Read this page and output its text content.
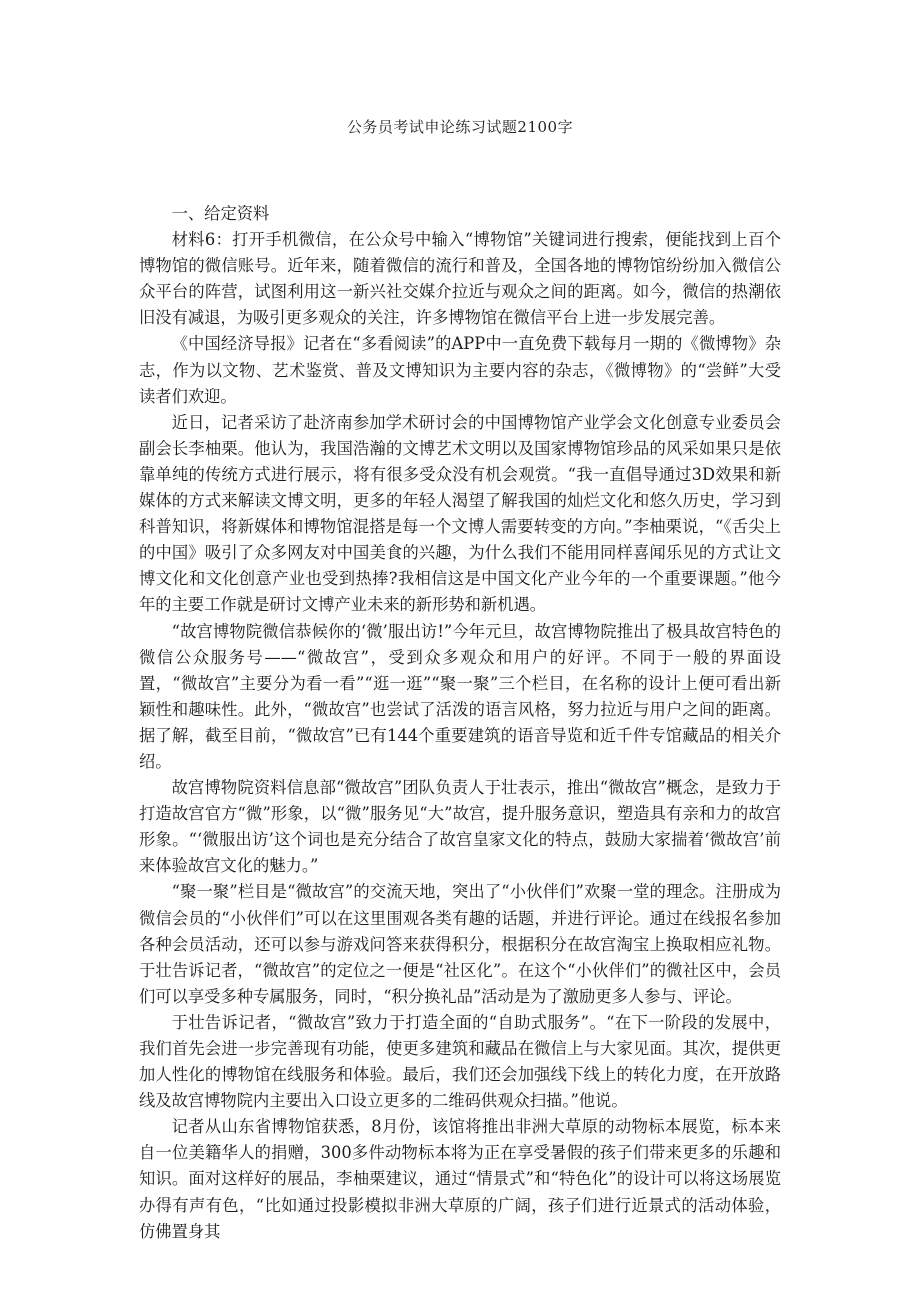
公务员考试申论练习试题2100字

一、给定资料

材料6：打开手机微信，在公众号中输入“博物馆”关键词进行搜索，便能找到上百个博物馆的微信账号。近年来，随着微信的流行和普及，全国各地的博物馆纷纷加入微信公众平台的阵营，试图利用这一新兴社交媒介拉近与观众之间的距离。如今，微信的热潮依旧没有减退，为吸引更多观众的关注，许多博物馆在微信平台上进一步发展完善。

《中国经济导报》记者在“多看阅读”的APP中一直免费下载每月一期的《微博物》杂志，作为以文物、艺术鉴赏、普及文博知识为主要内容的杂志，《微博物》的“尝鲜”大受读者们欢迎。

近日，记者采访了赴济南参加学术研讨会的中国博物馆产业学会文化创意专业委员会副会长李柚栗。他认为，我国浩瀚的文博艺术文明以及国家博物馆珍品的风采如果只是依靠单纯的传统方式进行展示，将有很多受众没有机会观赏。“我一直倡导通过3D效果和新媒体的方式来解读文博文明，更多的年轻人渴望了解我国的灿烂文化和悠久历史，学习到科普知识，将新媒体和博物馆混搭是每一个文博人需要转变的方向。”李柚栗说，“《舌尖上的中国》吸引了众多网友对中国美食的兴趣，为什么我们不能用同样喜闻乐见的方式让文博文化和文化创意产业也受到热捧?我相信这是中国文化产业今年的一个重要课题。”他今年的主要工作就是研讨文博产业未来的新形势和新机遇。

“故宫博物院微信恭候你的‘微’服出访!”今年元旦，故宫博物院推出了极具故宫特色的微信公众服务号——“微故宫”，受到众多观众和用户的好评。不同于一般的界面设置，“微故宫”主要分为看一看”“逛一逛”“聚一聚”三个栏目，在名称的设计上便可看出新颖性和趣味性。此外，“微故宫”也尝试了活泼的语言风格，努力拉近与用户之间的距离。据了解，截至目前，“微故宫”已有144个重要建筑的语音导览和近千件专馆藏品的相关介绍。

故宫博物院资料信息部“微故宫”团队负责人于壮表示，推出“微故宫”概念，是致力于打造故宫官方“微”形象，以“微”服务见“大”故宫，提升服务意识，塑造具有亲和力的故宫形象。“‘微服出访’这个词也是充分结合了故宫皇家文化的特点，鼓励大家揣着‘微故宫’前来体验故宫文化的魅力。”

“聚一聚”栏目是“微故宫”的交流天地，突出了“小伙伴们”欢聚一堂的理念。注册成为微信会员的“小伙伴们”可以在这里围观各类有趣的话题，并进行评论。通过在线报名参加各种会员活动，还可以参与游戏问答来获得积分，根据积分在故宫淘宝上换取相应礼物。于壮告诉记者，“微故宫”的定位之一便是“社区化”。在这个“小伙伴们”的微社区中，会员们可以享受多种专属服务，同时，“积分换礼品”活动是为了激励更多人参与、评论。

于壮告诉记者，“微故宫”致力于打造全面的“自助式服务”。“在下一阶段的发展中，我们首先会进一步完善现有功能，使更多建筑和藏品在微信上与大家见面。其次，提供更加人性化的博物馆在线服务和体验。最后，我们还会加强线下线上的转化力度，在开放路线及故宫博物院内主要出入口设立更多的二维码供观众扫描。”他说。

记者从山东省博物馆获悉，8月份，该馆将推出非洲大草原的动物标本展览，标本来自一位美籍华人的捐赠，300多件动物标本将为正在享受暑假的孩子们带来更多的乐趣和知识。面对这样好的展品，李柚栗建议，通过“情景式”和“特色化”的设计可以将这场展览办得有声有色，“比如通过投影模拟非洲大草原的广阔，孩子们进行近景式的活动体验，仿佛置身其
